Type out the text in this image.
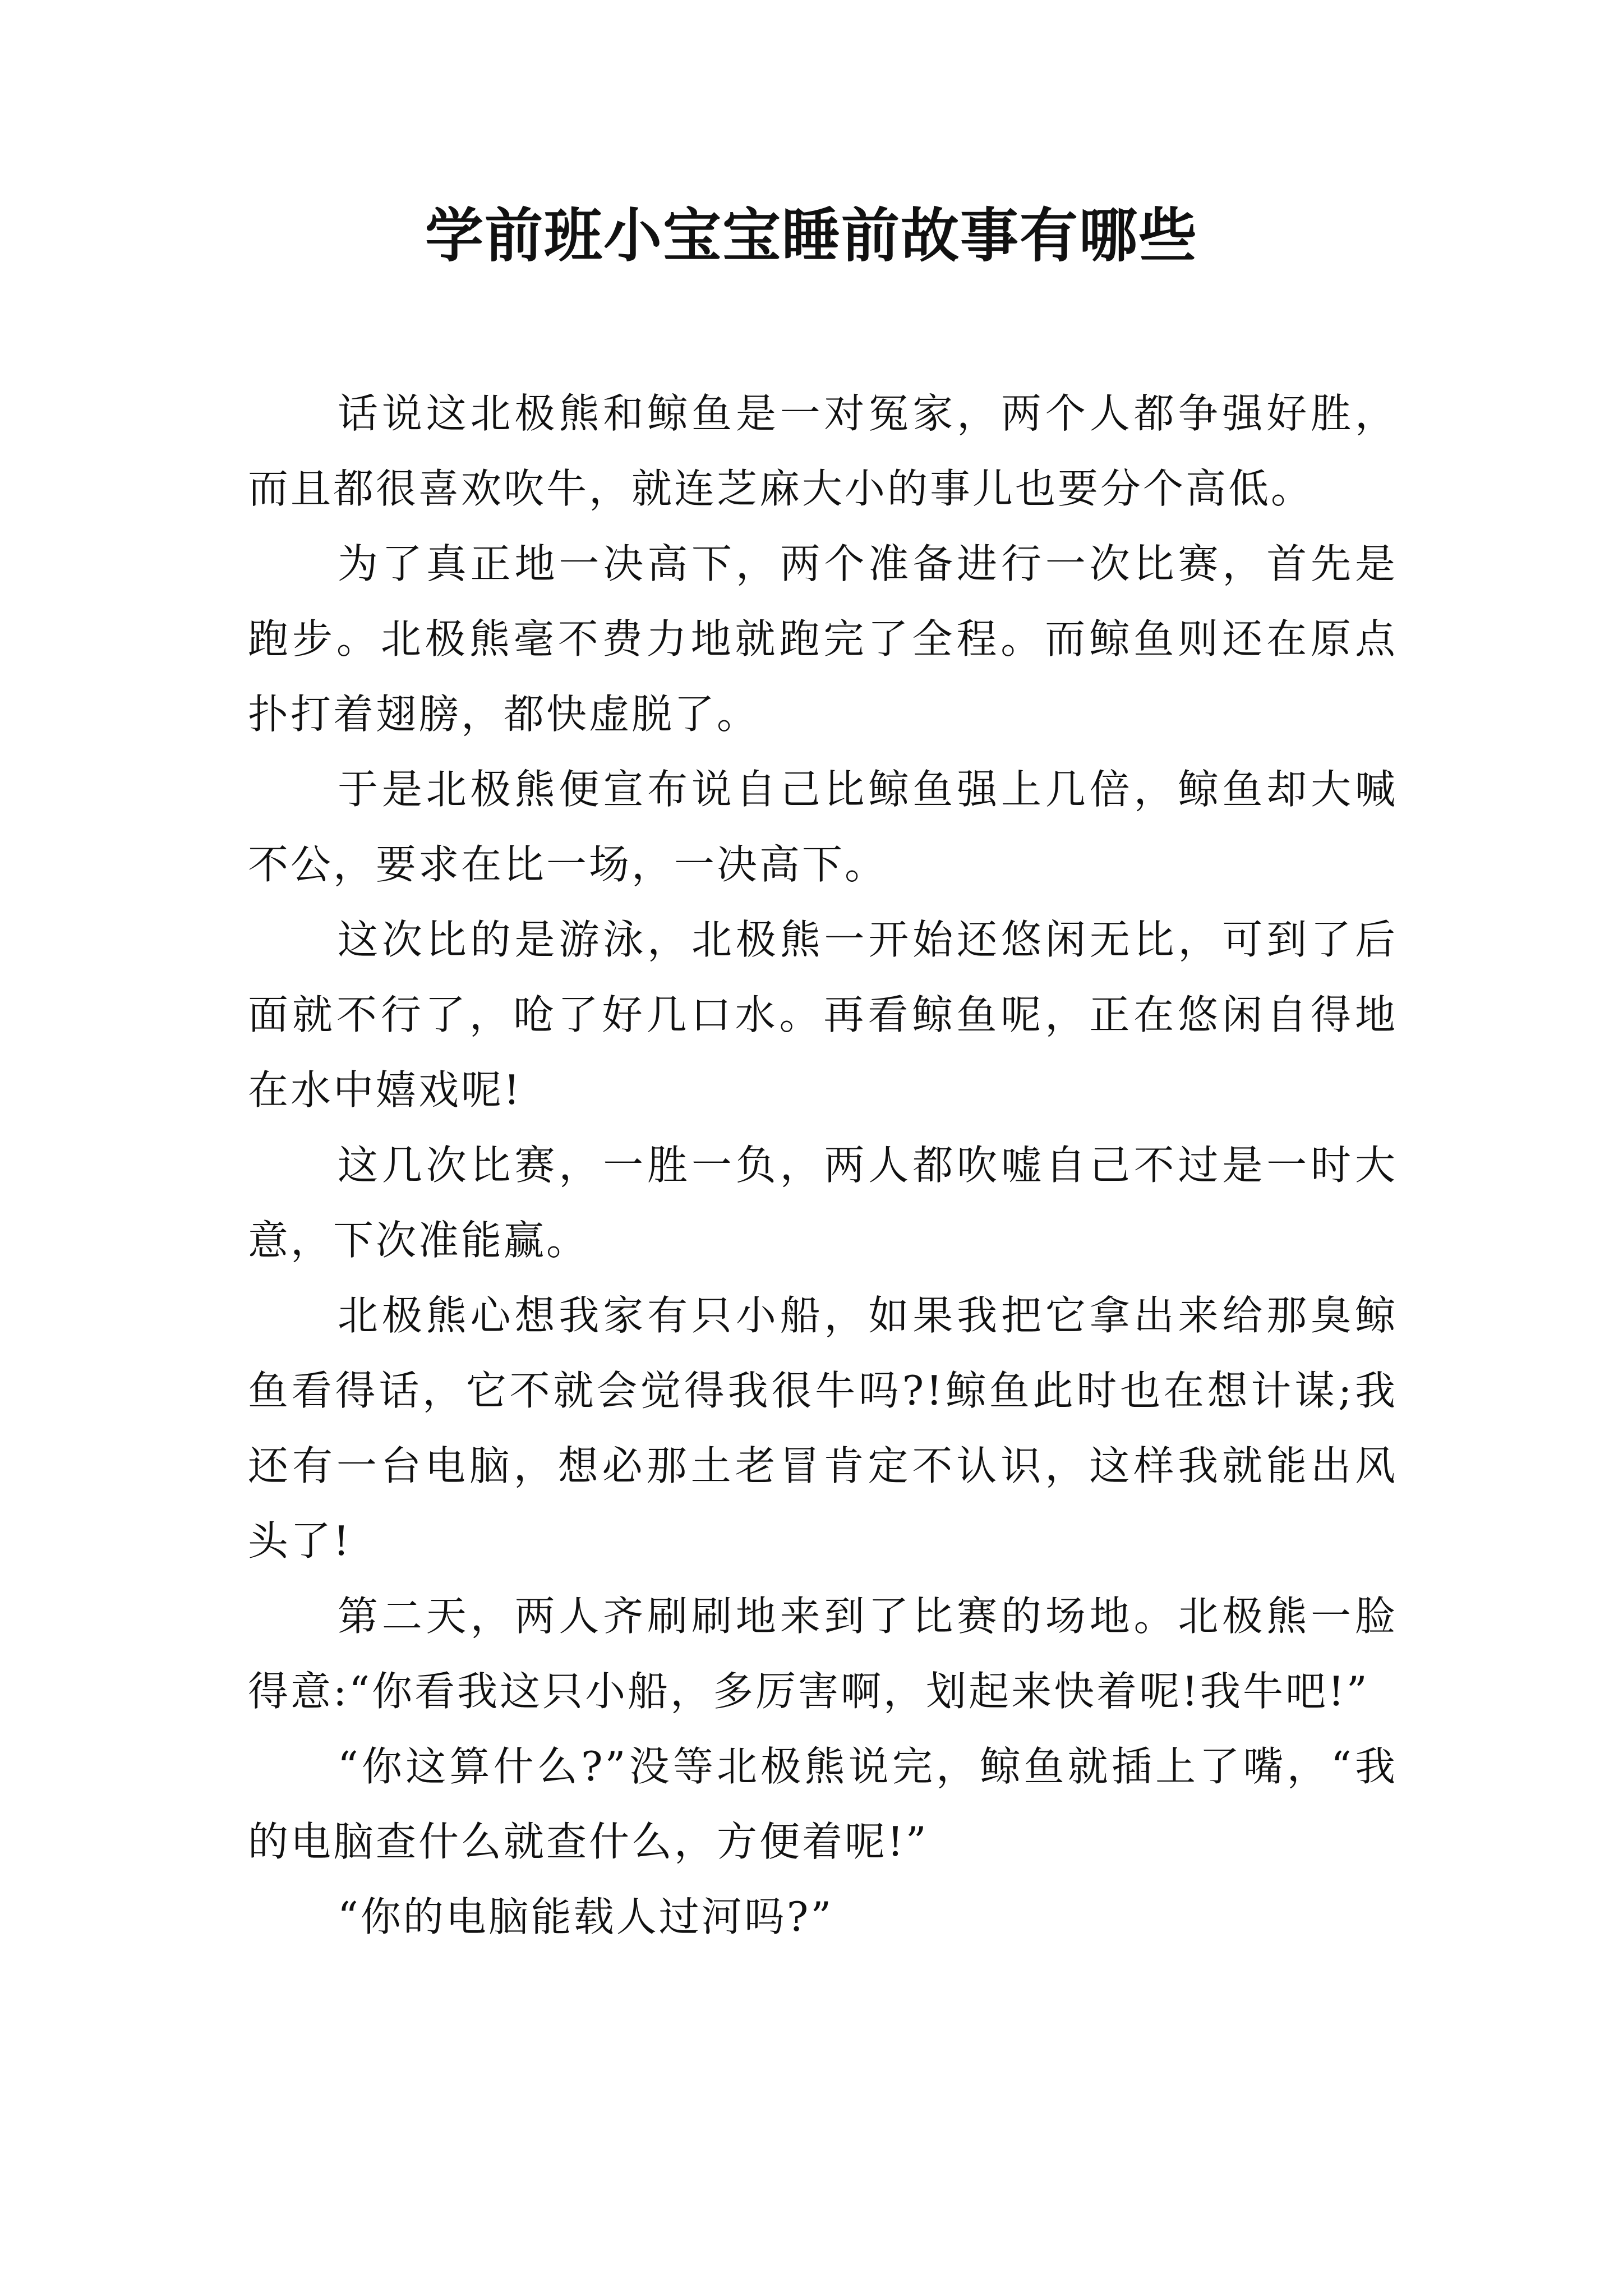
学前班小宝宝睡前故事有哪些

话说这北极熊和鲸鱼是一对冤家，两个人都争强好胜，而且都很喜欢吹牛，就连芝麻大小的事儿也要分个高低。

为了真正地一决高下，两个准备进行一次比赛，首先是跑步。北极熊毫不费力地就跑完了全程。而鲸鱼则还在原点扑打着翅膀，都快虚脱了。

于是北极熊便宣布说自己比鲸鱼强上几倍，鲸鱼却大喊不公，要求在比一场，一决高下。

这次比的是游泳，北极熊一开始还悠闲无比，可到了后面就不行了，呛了好几口水。再看鲸鱼呢，正在悠闲自得地在水中嬉戏呢!

这几次比赛，一胜一负，两人都吹嘘自己不过是一时大意，下次准能赢。

北极熊心想我家有只小船，如果我把它拿出来给那臭鲸鱼看得话，它不就会觉得我很牛吗?!鲸鱼此时也在想计谋;我还有一台电脑，想必那土老冒肯定不认识，这样我就能出风头了!

第二天，两人齐刷刷地来到了比赛的场地。北极熊一脸得意:“你看我这只小船，多厉害啊，划起来快着呢!我牛吧!”

“你这算什么?”没等北极熊说完，鲸鱼就插上了嘴，“我的电脑查什么就查什么，方便着呢!”

“你的电脑能载人过河吗?”
